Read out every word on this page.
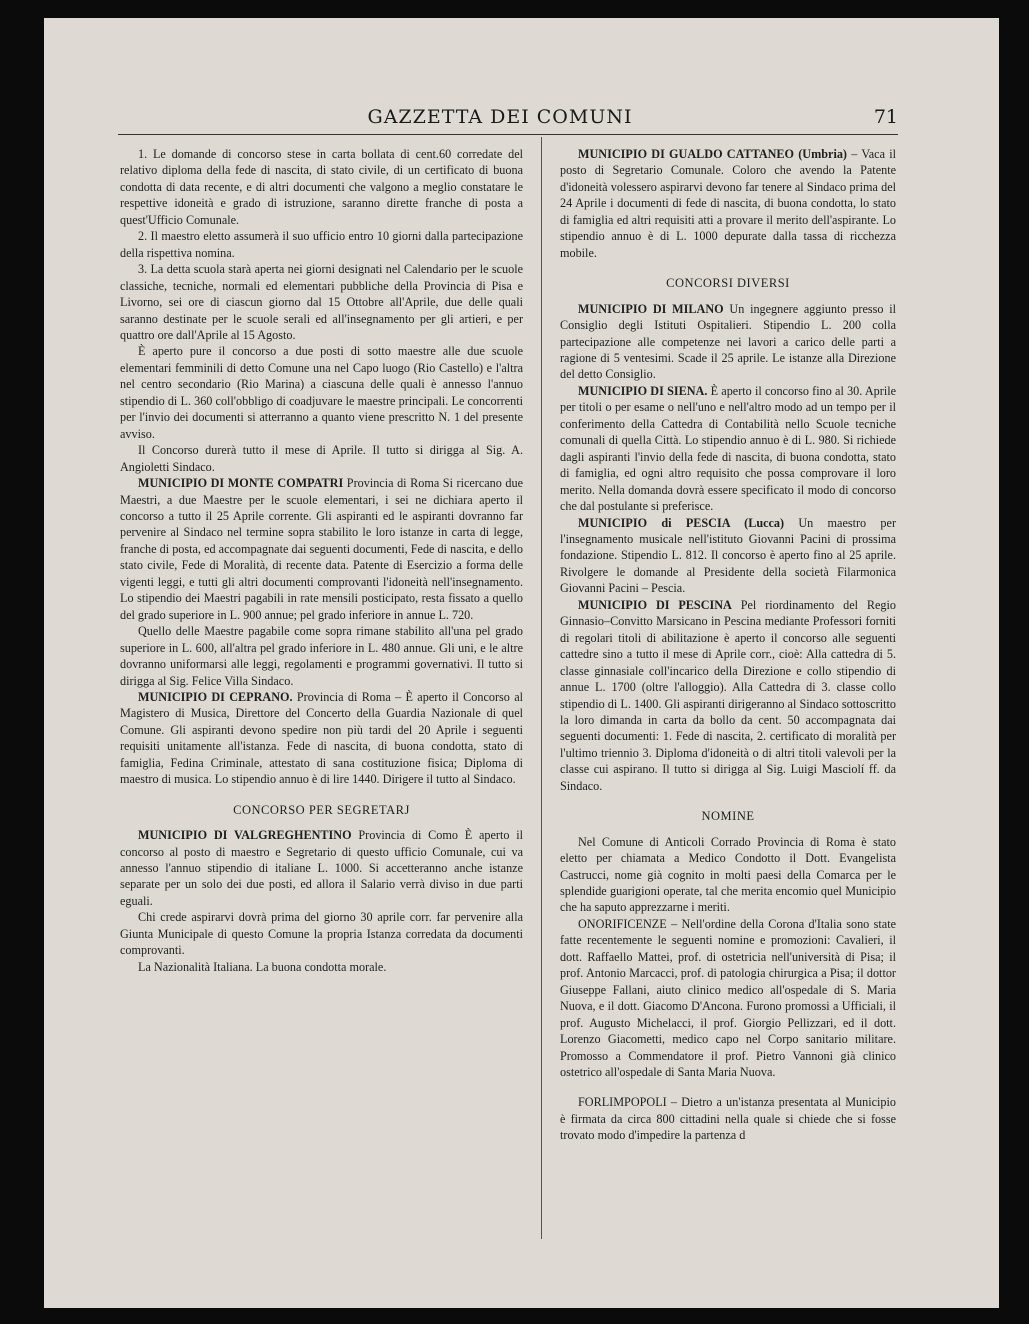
GAZZETTA DEI COMUNI	71

1. Le domande di concorso stese in carta bollata di cent.60 corredate del relativo diploma della fede di nascita, di stato civile, di un certificato di buona condotta di data recente, e di altri documenti che valgono a meglio constatare le respettive idoneità e grado di istruzione, saranno dirette franche di posta a quest'Ufficio Comunale.

2. Il maestro eletto assumerà il suo ufficio entro 10 giorni dalla partecipazione della rispettiva nomina.

3. La detta scuola starà aperta nei giorni designati nel Calendario per le scuole classiche, tecniche, normali ed elementari pubbliche della Provincia di Pisa e Livorno, sei ore di ciascun giorno dal 15 Ottobre all'Aprile, due delle quali saranno destinate per le scuole serali ed all'insegnamento per gli artieri, e per quattro ore dall'Aprile al 15 Agosto.

È aperto pure il concorso a due posti di sotto maestre alle due scuole elementari femminili di detto Comune una nel Capo luogo (Rio Castello) e l'altra nel centro secondario (Rio Marina) a ciascuna delle quali è annesso l'annuo stipendio di L. 360 coll'obbligo di coadjuvare le maestre principali. Le concorrenti per l'invio dei documenti si atterranno a quanto viene prescritto N. 1 del presente avviso.

Il Concorso durerà tutto il mese di Aprile. Il tutto si dirigga al Sig. A. Angioletti Sindaco.

MUNICIPIO DI MONTE COMPATRI Provincia di Roma Si ricercano due Maestri, a due Maestre per le scuole elementari, i sei ne dichiara aperto il concorso a tutto il 25 Aprile corrente. Gli aspiranti ed le aspiranti dovranno far pervenire al Sindaco nel termine sopra stabilito le loro istanze in carta di legge, franche di posta, ed accompagnate dai seguenti documenti, Fede di nascita, e dello stato civile, Fede di Moralità, di recente data. Patente di Esercizio a forma delle vigenti leggi, e tutti gli altri documenti comprovanti l'idoneità nell'insegnamento. Lo stipendio dei Maestri pagabili in rate mensili posticipato, resta fissato a quello del grado superiore in L. 900 annue; pel grado inferiore in annue L. 720.

Quello delle Maestre pagabile come sopra rimane stabilito all'una pel grado superiore in L. 600, all'altra pel grado inferiore in L. 480 annue. Gli uni, e le altre dovranno uniformarsi alle leggi, regolamenti e programmi governativi. Il tutto si dirigga al Sig. Felice Villa Sindaco.

MUNICIPIO DI CEPRANO. Provincia di Roma – È aperto il Concorso al Magistero di Musica, Direttore del Concerto della Guardia Nazionale di quel Comune. Gli aspiranti devono spedire non più tardi del 20 Aprile i seguenti requisiti unitamente all'istanza. Fede di nascita, di buona condotta, stato di famiglia, Fedina Criminale, attestato di sana costituzione fisica; Diploma di maestro di musica. Lo stipendio annuo è di lire 1440. Dirigere il tutto al Sindaco.

CONCORSO PER SEGRETARJ

MUNICIPIO DI VALGREGHENTINO Provincia di Como È aperto il concorso al posto di maestro e Segretario di questo ufficio Comunale, cui va annesso l'annuo stipendio di italiane L. 1000. Si accetteranno anche istanze separate per un solo dei due posti, ed allora il Salario verrà diviso in due parti eguali.

Chi crede aspirarvi dovrà prima del giorno 30 aprile corr. far pervenire alla Giunta Municipale di questo Comune la propria Istanza corredata da documenti comprovanti.

La Nazionalità Italiana. La buona condotta morale.

MUNICIPIO DI GUALDO CATTANEO (Umbria) – Vaca il posto di Segretario Comunale. Coloro che avendo la Patente d'idoneità volessero aspirarvi devono far tenere al Sindaco prima del 24 Aprile i documenti di fede di nascita, di buona condotta, lo stato di famiglia ed altri requisiti atti a provare il merito dell'aspirante. Lo stipendio annuo è di L. 1000 depurate dalla tassa di ricchezza mobile.

CONCORSI DIVERSI

MUNICIPIO DI MILANO Un ingegnere aggiunto presso il Consiglio degli Istituti Ospitalieri. Stipendio L. 200 colla partecipazione alle competenze nei lavori a carico delle parti a ragione di 5 ventesimi. Scade il 25 aprile. Le istanze alla Direzione del detto Consiglio.

MUNICIPIO DI SIENA. È aperto il concorso fino al 30. Aprile per titoli o per esame o nell'uno e nell'altro modo ad un tempo per il conferimento della Cattedra di Contabilità nello Scuole tecniche comunali di quella Città. Lo stipendio annuo è di L. 980. Si richiede dagli aspiranti l'invio della fede di nascita, di buona condotta, stato di famiglia, ed ogni altro requisito che possa comprovare il loro merito. Nella domanda dovrà essere specificato il modo di concorso che dal postulante si preferisce.

MUNICIPIO di PESCIA (Lucca) Un maestro per l'insegnamento musicale nell'istituto Giovanni Pacini di prossima fondazione. Stipendio L. 812. Il concorso è aperto fino al 25 aprile. Rivolgere le domande al Presidente della società Filarmonica Giovanni Pacini – Pescia.

MUNICIPIO DI PESCINA Pel riordinamento del Regio Ginnasio–Convitto Marsicano in Pescina mediante Professori forniti di regolari titoli di abilitazione è aperto il concorso alle seguenti cattedre sino a tutto il mese di Aprile corr., cioè: Alla cattedra di 5. classe ginnasiale coll'incarico della Direzione e collo stipendio di annue L. 1700 (oltre l'alloggio). Alla Cattedra di 3. classe collo stipendio di L. 1400. Gli aspiranti dirigeranno al Sindaco sottoscritto la loro dimanda in carta da bollo da cent. 50 accompagnata dai seguenti documenti: 1. Fede di nascita, 2. certificato di moralità per l'ultimo triennio 3. Diploma d'idoneità o di altri titoli valevoli per la classe cui aspirano. Il tutto si dirigga al Sig. Luigi Masciolí ff. da Sindaco.

NOMINE

Nel Comune di Anticoli Corrado Provincia di Roma è stato eletto per chiamata a Medico Condotto il Dott. Evangelista Castrucci, nome già cognito in molti paesi della Comarca per le splendide guarigioni operate, tal che merita encomio quel Municipio che ha saputo apprezzarne i meriti.

ONORIFICENZE – Nell'ordine della Corona d'Italia sono state fatte recentemente le seguenti nomine e promozioni: Cavalieri, il dott. Raffaello Mattei, prof. di ostetricia nell'università di Pisa; il prof. Antonio Marcacci, prof. di patologia chirurgica a Pisa; il dottor Giuseppe Fallani, aiuto clinico medico all'ospedale di S. Maria Nuova, e il dott. Giacomo D'Ancona. Furono promossi a Ufficiali, il prof. Augusto Michelacci, il prof. Giorgio Pellizzari, ed il dott. Lorenzo Giacometti, medico capo nel Corpo sanitario militare. Promosso a Commendatore il prof. Pietro Vannoni già clinico ostetrico all'ospedale di Santa Maria Nuova.

FORLIMPOPOLI – Dietro a un'istanza presentata al Municipio è firmata da circa 800 cittadini nella quale si chiede che si fosse trovato modo d'impedire la partenza d
